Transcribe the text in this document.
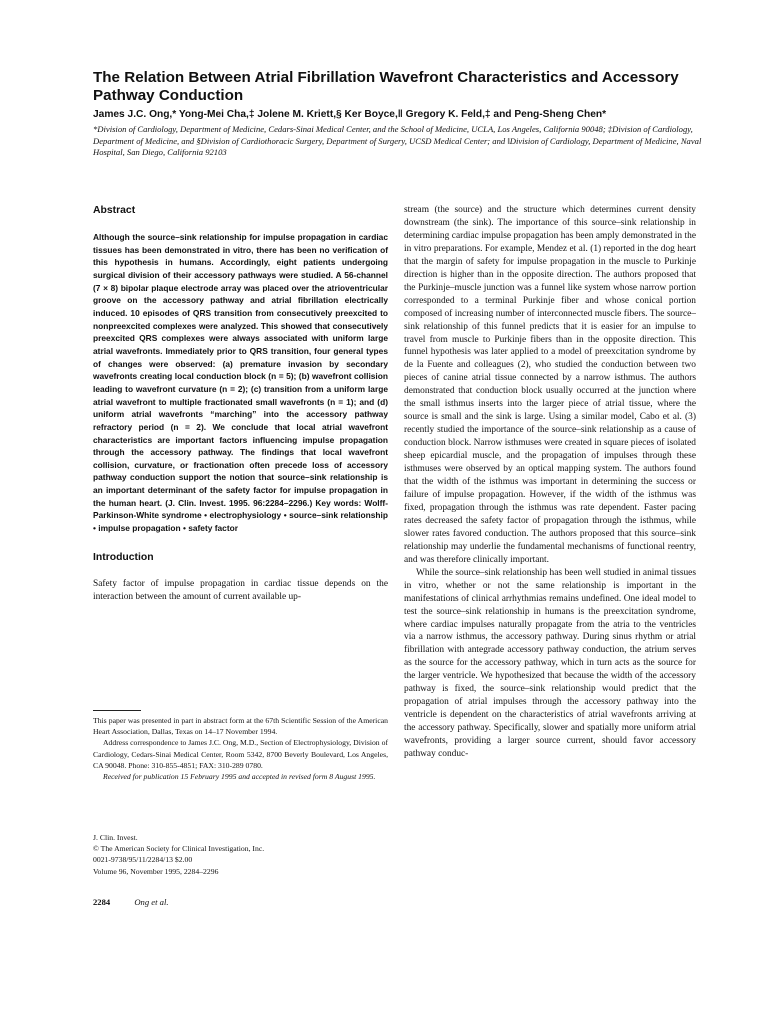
The Relation Between Atrial Fibrillation Wavefront Characteristics and Accessory Pathway Conduction

James J.C. Ong,* Yong-Mei Cha,‡ Jolene M. Kriett,§ Ker Boyce,‖ Gregory K. Feld,‡ and Peng-Sheng Chen*

*Division of Cardiology, Department of Medicine, Cedars-Sinai Medical Center, and the School of Medicine, UCLA, Los Angeles, California 90048; ‡Division of Cardiology, Department of Medicine, and §Division of Cardiothoracic Surgery, Department of Surgery, UCSD Medical Center; and ‖Division of Cardiology, Department of Medicine, Naval Hospital, San Diego, California 92103

Abstract

Although the source–sink relationship for impulse propagation in cardiac tissues has been demonstrated in vitro, there has been no verification of this hypothesis in humans. Accordingly, eight patients undergoing surgical division of their accessory pathways were studied. A 56-channel (7 × 8) bipolar plaque electrode array was placed over the atrioventricular groove on the accessory pathway and atrial fibrillation electrically induced. 10 episodes of QRS transition from consecutively preexcited to nonpreexcited complexes were analyzed. This showed that consecutively preexcited QRS complexes were always associated with uniform large atrial wavefronts. Immediately prior to QRS transition, four general types of changes were observed: (a) premature invasion by secondary wavefronts creating local conduction block (n = 5); (b) wavefront collision leading to wavefront curvature (n = 2); (c) transition from a uniform large atrial wavefront to multiple fractionated small wavefronts (n = 1); and (d) uniform atrial wavefronts “marching” into the accessory pathway refractory period (n = 2). We conclude that local atrial wavefront characteristics are important factors influencing impulse propagation through the accessory pathway. The findings that local wavefront collision, curvature, or fractionation often precede loss of accessory pathway conduction support the notion that source–sink relationship is an important determinant of the safety factor for impulse propagation in the human heart. (J. Clin. Invest. 1995. 96:2284–2296.) Key words: Wolff-Parkinson-White syndrome • electrophysiology • source–sink relationship • impulse propagation • safety factor

Introduction

Safety factor of impulse propagation in cardiac tissue depends on the interaction between the amount of current available up-

This paper was presented in part in abstract form at the 67th Scientific Session of the American Heart Association, Dallas, Texas on 14–17 November 1994.

Address correspondence to James J.C. Ong, M.D., Section of Electrophysiology, Division of Cardiology, Cedars-Sinai Medical Center, Room 5342, 8700 Beverly Boulevard, Los Angeles, CA 90048. Phone: 310-855-4851; FAX: 310-289 0780.

Received for publication 15 February 1995 and accepted in revised form 8 August 1995.

J. Clin. Invest.

© The American Society for Clinical Investigation, Inc.

0021-9738/95/11/2284/13 $2.00

Volume 96, November 1995, 2284–2296

stream (the source) and the structure which determines current density downstream (the sink). The importance of this source–sink relationship in determining cardiac impulse propagation has been amply demonstrated in the in vitro preparations. For example, Mendez et al. (1) reported in the dog heart that the margin of safety for impulse propagation in the muscle to Purkinje direction is higher than in the opposite direction. The authors proposed that the Purkinje–muscle junction was a funnel like system whose narrow portion corresponded to a terminal Purkinje fiber and whose conical portion composed of increasing number of interconnected muscle fibers. The source–sink relationship of this funnel predicts that it is easier for an impulse to travel from muscle to Purkinje fibers than in the opposite direction. This funnel hypothesis was later applied to a model of preexcitation syndrome by de la Fuente and colleagues (2), who studied the conduction between two pieces of canine atrial tissue connected by a narrow isthmus. The authors demonstrated that conduction block usually occurred at the junction where the small isthmus inserts into the larger piece of atrial tissue, where the source is small and the sink is large. Using a similar model, Cabo et al. (3) recently studied the importance of the source–sink relationship as a cause of conduction block. Narrow isthmuses were created in square pieces of isolated sheep epicardial muscle, and the propagation of impulses through these isthmuses were observed by an optical mapping system. The authors found that the width of the isthmus was important in determining the success or failure of impulse propagation. However, if the width of the isthmus was fixed, propagation through the isthmus was rate dependent. Faster pacing rates decreased the safety factor of propagation through the isthmus, while slower rates favored conduction. The authors proposed that this source–sink relationship may underlie the fundamental mechanisms of functional reentry, and was therefore clinically important.

While the source–sink relationship has been well studied in animal tissues in vitro, whether or not the same relationship is important in the manifestations of clinical arrhythmias remains undefined. One ideal model to test the source–sink relationship in humans is the preexcitation syndrome, where cardiac impulses naturally propagate from the atria to the ventricles via a narrow isthmus, the accessory pathway. During sinus rhythm or atrial fibrillation with antegrade accessory pathway conduction, the atrium serves as the source for the accessory pathway, which in turn acts as the source for the larger ventricle. We hypothesized that because the width of the accessory pathway is fixed, the source–sink relationship would predict that the propagation of atrial impulses through the accessory pathway into the ventricle is dependent on the characteristics of atrial wavefronts arriving at the accessory pathway. Specifically, slower and spatially more uniform atrial wavefronts, providing a larger source current, should favor accessory pathway conduc-

2284	Ong et al.
